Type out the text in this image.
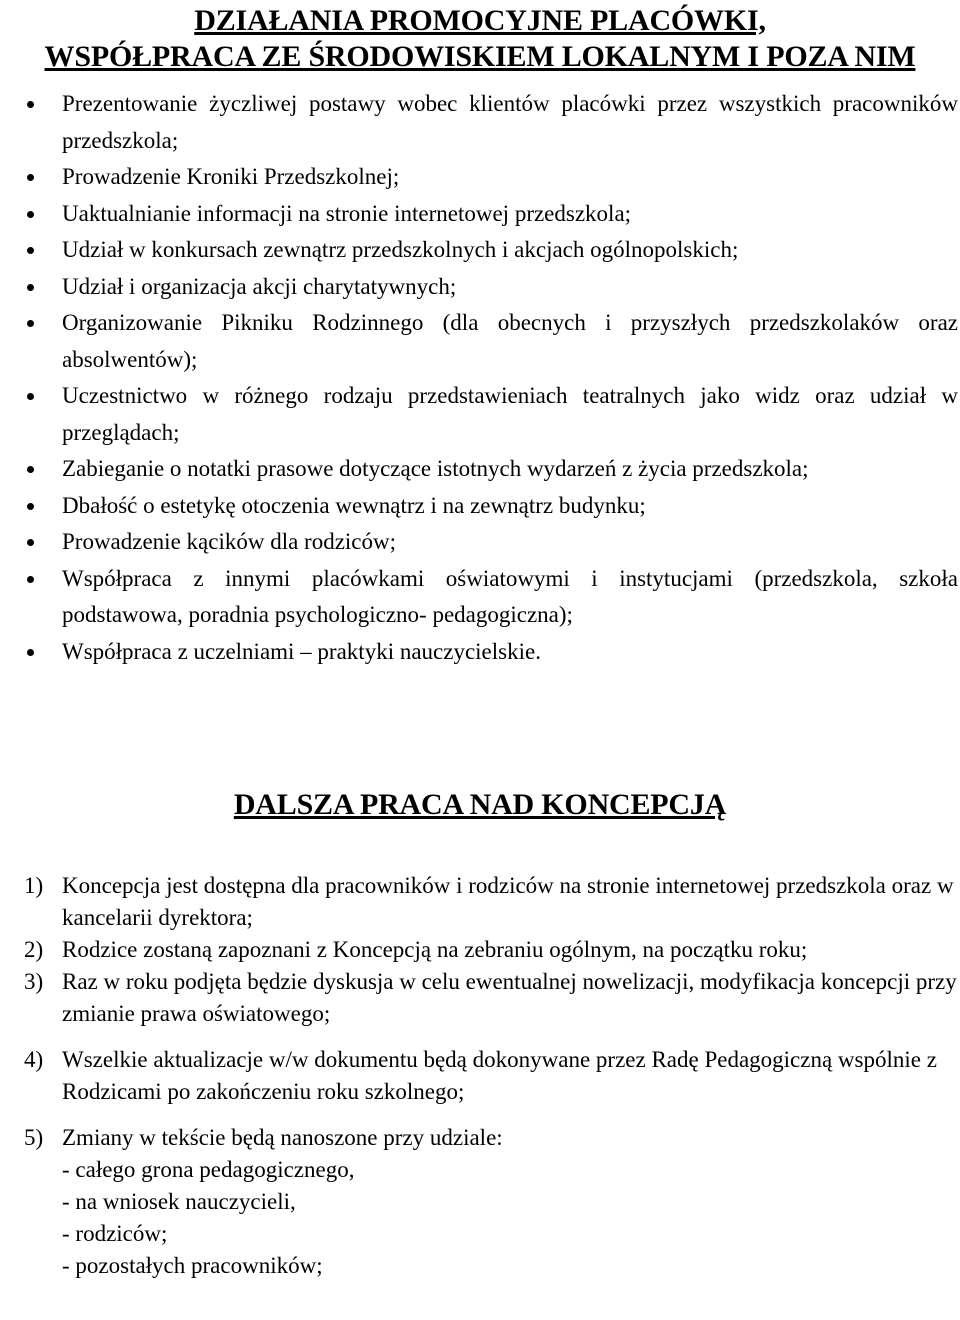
DZIAŁANIA PROMOCYJNE PLACÓWKI,
WSPÓŁPRACA ZE ŚRODOWISKIEM LOKALNYM I POZA NIM
Prezentowanie życzliwej postawy wobec klientów placówki przez wszystkich pracowników przedszkola;
Prowadzenie Kroniki Przedszkolnej;
Uaktualnianie informacji na stronie internetowej przedszkola;
Udział w konkursach zewnątrz przedszkolnych i akcjach ogólnopolskich;
Udział i organizacja akcji charytatywnych;
Organizowanie Pikniku Rodzinnego (dla obecnych i przyszłych przedszkolaków oraz absolwentów);
Uczestnictwo w różnego rodzaju przedstawieniach teatralnych jako widz oraz udział w przeglądach;
Zabieganie o notatki prasowe dotyczące istotnych wydarzeń z życia przedszkola;
Dbałość o estetykę otoczenia wewnątrz i na zewnątrz budynku;
Prowadzenie kącików dla rodziców;
Współpraca z innymi placówkami oświatowymi i instytucjami (przedszkola, szkoła podstawowa, poradnia psychologiczno- pedagogiczna);
Współpraca z uczelniami – praktyki nauczycielskie.
DALSZA PRACA NAD KONCEPCJĄ
1) Koncepcja jest dostępna dla pracowników i rodziców na stronie internetowej przedszkola oraz w kancelarii dyrektora;
2) Rodzice zostaną zapoznani z Koncepcją na zebraniu ogólnym, na początku roku;
3) Raz w roku podjęta będzie dyskusja w celu ewentualnej nowelizacji, modyfikacja koncepcji przy zmianie prawa oświatowego;
4) Wszelkie aktualizacje w/w dokumentu będą dokonywane przez Radę Pedagogiczną wspólnie z Rodzicami po zakończeniu roku szkolnego;
5) Zmiany w tekście będą nanoszone przy udziale:
- całego grona pedagogicznego,
- na wniosek nauczycieli,
- rodziców;
- pozostałych pracowników;
